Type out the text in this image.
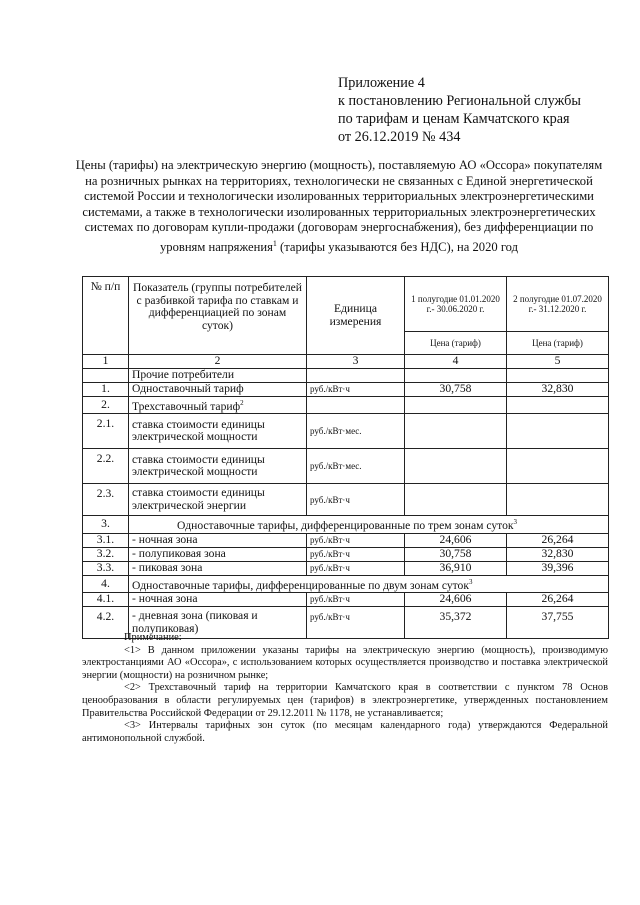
Приложение 4
к постановлению Региональной службы
по тарифам и ценам Камчатского края
от 26.12.2019 № 434
Цены (тарифы) на электрическую энергию (мощность), поставляемую АО «Оссора» покупателям на розничных рынках на территориях, технологически не связанных с Единой энергетической системой России и технологически изолированных территориальных электроэнергетическими системами, а также в технологически изолированных территориальных электроэнергетических системах по договорам купли-продажи (договорам энергоснабжения), без дифференциации по уровням напряжения$^1$ (тарифы указываются без НДС), на 2020 год
№ п/п	Показатель (группы потребителей с разбивкой тарифа по ставкам и дифференциацией по зонам суток)	Единица измерения	1 полугодие 01.01.2020 г.- 30.06.2020 г.	2 полугодие 01.07.2020 г.- 31.12.2020 г.
			Цена (тариф)	Цена (тариф)
1	2	3	4	5
	Прочие потребители			
1.	Одноставочный тариф	руб./кВт·ч	30,758	32,830
2.	Трехставочный тариф$^2$			
2.1.	ставка стоимости единицы электрической мощности	руб./кВт·мес.		
2.2.	ставка стоимости единицы электрической мощности	руб./кВт·мес.		
2.3.	ставка стоимости единицы электрической энергии	руб./кВт·ч		
3.	Одноставочные тарифы, дифференцированные по трем зонам суток$^3$
3.1.	- ночная зона	руб./кВт·ч	24,606	26,264
3.2.	- полупиковая зона	руб./кВт·ч	30,758	32,830
3.3.	- пиковая зона	руб./кВт·ч	36,910	39,396
4.	Одноставочные тарифы, дифференцированные по двум зонам суток$^3$
4.1.	- ночная зона	руб./кВт·ч	24,606	26,264
4.2.	- дневная зона (пиковая и полупиковая)	руб./кВт·ч	35,372	37,755
Примечание:

<1> В данном приложении указаны тарифы на электрическую энергию (мощность), производимую электростанциями АО «Оссора», с использованием которых осуществляется производство и поставка электрической энергии (мощности) на розничном рынке;

<2> Трехставочный тариф на территории Камчатского края в соответствии с пунктом 78 Основ ценообразования в области регулируемых цен (тарифов) в электроэнергетике, утвержденных постановлением Правительства Российской Федерации от 29.12.2011 № 1178, не устанавливается;

<3> Интервалы тарифных зон суток (по месяцам календарного года) утверждаются Федеральной антимонопольной службой.
